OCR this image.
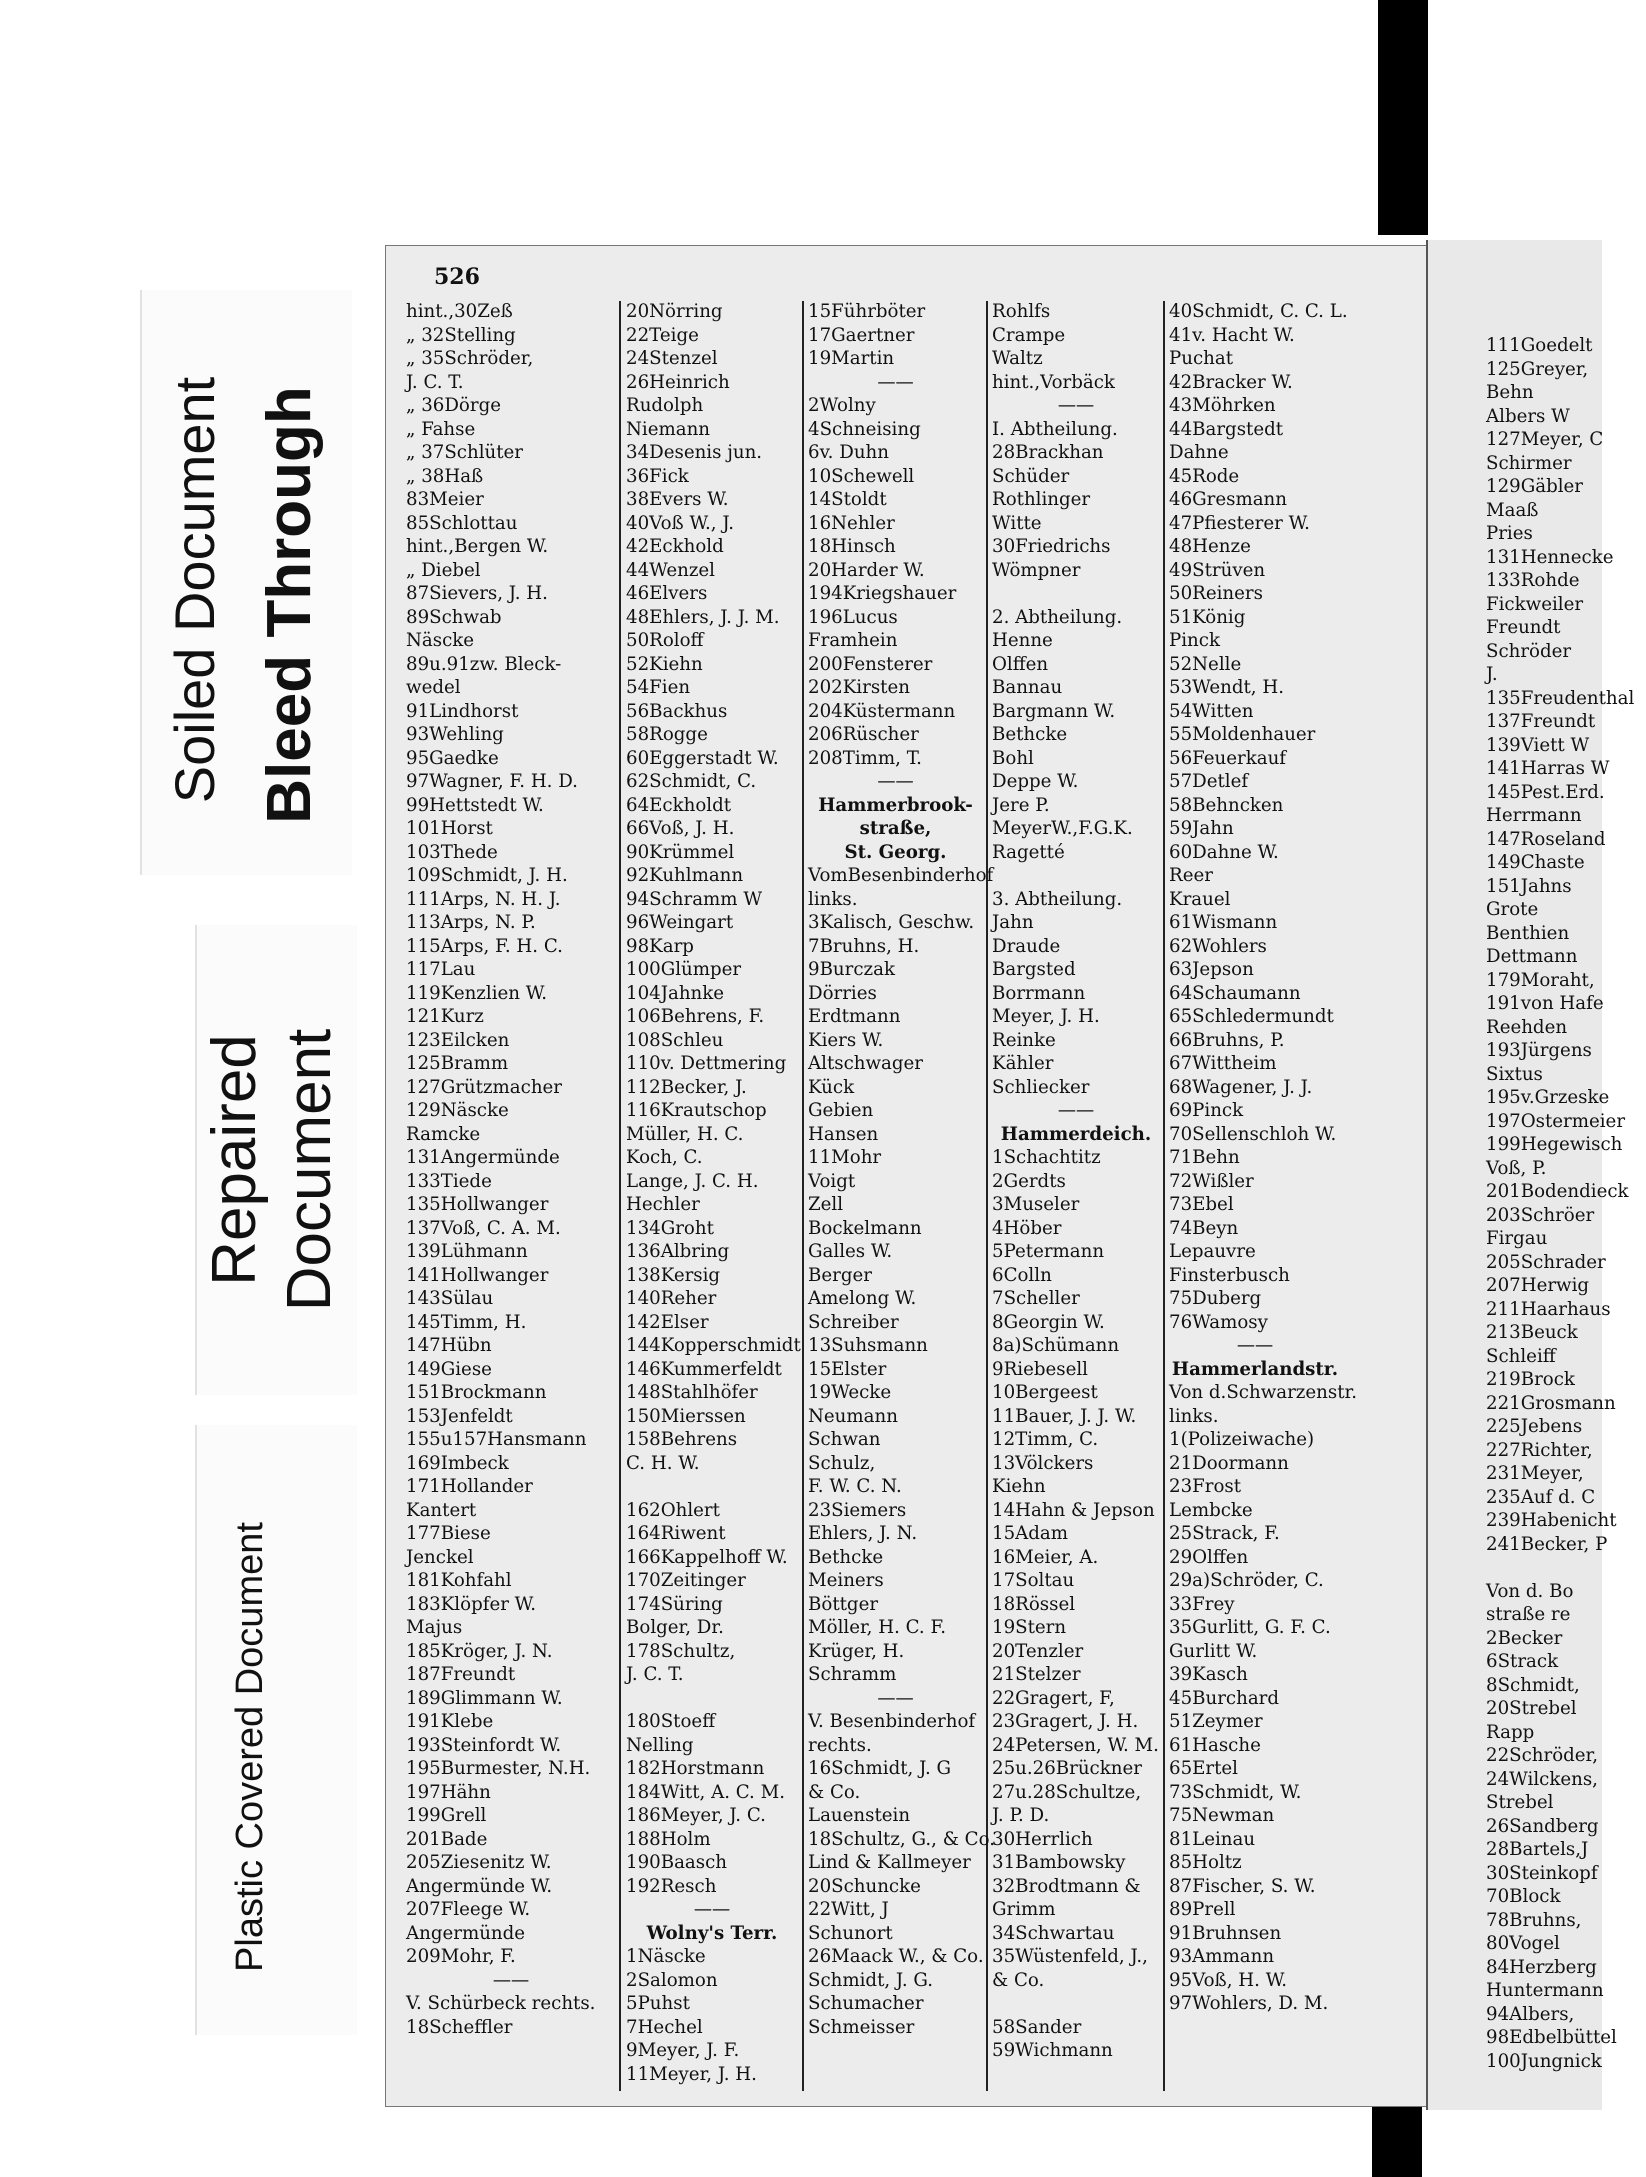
Soiled Document Bleed Through
Repaired Document
Plastic Covered Document
526
hint.,30Zeß
„ 32Stelling
„ 35Schröder,
J. C. T.
„ 36Dörge
„ Fahse
„ 37Schlüter
„ 38Haß
83Meier
85Schlottau
hint.,Bergen W.
„ Diebel
87Sievers, J. H.
89Schwab
Näscke
89u.91zw. Bleck-
wedel
91Lindhorst
93Wehling
95Gaedke
97Wagner, F. H. D.
99Hettstedt W.
101Horst
103Thede
109Schmidt, J. H.
111Arps, N. H. J.
113Arps, N. P.
115Arps, F. H. C.
117Lau
119Kenzlien W.
121Kurz
123Eilcken
125Bramm
127Grützmacher
129Näscke
Ramcke
131Angermünde
133Tiede
135Hollwanger
137Voß, C. A. M.
139Lühmann
141Hollwanger
143Sülau
145Timm, H.
147Hübn
149Giese
151Brockmann
153Jenfeldt
155u157Hansmann
169Imbeck
171Hollander
Kantert
177Biese
Jenckel
181Kohfahl
183Klöpfer W.
Majus
185Kröger, J. N.
187Freundt
189Glimmann W.
191Klebe
193Steinfordt W.
195Burmester, N.H.
197Hähn
199Grell
201Bade
205Ziesenitz W.
Angermünde W.
207Fleege W.
Angermünde
209Mohr, F.
——
V. Schürbeck rechts.
18Scheffler
20Nörring
22Teige
24Stenzel
26Heinrich
Rudolph
Niemann
34Desenis jun.
36Fick
38Evers W.
40Voß W., J.
42Eckhold
44Wenzel
46Elvers
48Ehlers, J. J. M.
50Roloff
52Kiehn
54Fien
56Backhus
58Rogge
60Eggerstadt W.
62Schmidt, C.
64Eckholdt
66Voß, J. H.
90Krümmel
92Kuhlmann
94Schramm W
96Weingart
98Karp
100Glümper
104Jahnke
106Behrens, F.
108Schleu
110v. Dettmering
112Becker, J.
116Krautschop
Müller, H. C.
Koch, C.
Lange, J. C. H.
Hechler
134Groht
136Albring
138Kersig
140Reher
142Elser
144Kopperschmidt
146Kummerfeldt
148Stahlhöfer
150Mierssen
158Behrens
C. H. W.
162Ohlert
164Riwent
166Kappelhoff W.
170Zeitinger
174Süring
Bolger, Dr.
178Schultz,
J. C. T.
180Stoeff
Nelling
182Horstmann
184Witt, A. C. M.
186Meyer, J. C.
188Holm
190Baasch
192Resch
——
Wolny's Terr.
1Näscke
2Salomon
5Puhst
7Hechel
9Meyer, J. F.
11Meyer, J. H.
15Führböter
17Gaertner
19Martin
——
2Wolny
4Schneising
6v. Duhn
10Schewell
14Stoldt
16Nehler
18Hinsch
20Harder W.
194Kriegshauer
196Lucus
Framhein
200Fensterer
202Kirsten
204Küstermann
206Rüscher
208Timm, T.
——
Hammerbrook-
straße,
St. Georg.
VomBesenbinderhof
links.
3Kalisch, Geschw.
7Bruhns, H.
9Burczak
Dörries
Erdtmann
Kiers W.
Altschwager
Kück
Gebien
Hansen
11Mohr
Voigt
Zell
Bockelmann
Galles W.
Berger
Amelong W.
Schreiber
13Suhsmann
15Elster
19Wecke
Neumann
Schwan
Schulz,
F. W. C. N.
23Siemers
Ehlers, J. N.
Bethcke
Meiners
Böttger
Möller, H. C. F.
Krüger, H.
Schramm
——
V. Besenbinderhof
rechts.
16Schmidt, J. G
& Co.
Lauenstein
18Schultz, G., & Co.
Lind & Kallmeyer
20Schuncke
22Witt, J
Schunort
26Maack W., & Co.
Schmidt, J. G.
Schumacher
Schmeisser
Rohlfs
Crampe
Waltz
hint.,Vorbäck
——
I. Abtheilung.
28Brackhan
Schüder
Rothlinger
Witte
30Friedrichs
Wömpner
2. Abtheilung.
Henne
Olffen
Bannau
Bargmann W.
Bethcke
Bohl
Deppe W.
Jere P.
MeyerW.,F.G.K.
Ragetté
3. Abtheilung.
Jahn
Draude
Bargsted
Borrmann
Meyer, J. H.
Reinke
Kähler
Schliecker
——
Hammerdeich.
1Schachtitz
2Gerdts
3Museler
4Höber
5Petermann
6Colln
7Scheller
8Georgin W.
8a)Schümann
9Riebesell
10Bergeest
11Bauer, J. J. W.
12Timm, C.
13Völckers
Kiehn
14Hahn & Jepson
15Adam
16Meier, A.
17Soltau
18Rössel
19Stern
20Tenzler
21Stelzer
22Gragert, F,
23Gragert, J. H.
24Petersen, W. M.
25u.26Brückner
27u.28Schultze,
J. P. D.
30Herrlich
31Bambowsky
32Brodtmann &
Grimm
34Schwartau
35Wüstenfeld, J.,
& Co.
58Sander
59Wichmann
40Schmidt, C. C. L.
41v. Hacht W.
Puchat
42Bracker W.
43Möhrken
44Bargstedt
Dahne
45Rode
46Gresmann
47Pfiesterer W.
48Henze
49Strüven
50Reiners
51König
Pinck
52Nelle
53Wendt, H.
54Witten
55Moldenhauer
56Feuerkauf
57Detlef
58Behncken
59Jahn
60Dahne W.
Reer
Krauel
61Wismann
62Wohlers
63Jepson
64Schaumann
65Schledermundt
66Bruhns, P.
67Wittheim
68Wagener, J. J.
69Pinck
70Sellenschloh W.
71Behn
72Wißler
73Ebel
74Beyn
Lepauvre
Finsterbusch
75Duberg
76Wamosy
——
Hammerlandstr.
Von d.Schwarzenstr.
links.
1(Polizeiwache)
21Doormann
23Frost
Lembcke
25Strack, F.
29Olffen
29a)Schröder, C.
33Frey
35Gurlitt, G. F. C.
Gurlitt W.
39Kasch
45Burchard
51Zeymer
61Hasche
65Ertel
73Schmidt, W.
75Newman
81Leinau
85Holtz
87Fischer, S. W.
89Prell
91Bruhnsen
93Ammann
95Voß, H. W.
97Wohlers, D. M.
111Goedelt
125Greyer,
Behn
Albers W
127Meyer, C
Schirmer
129Gäbler
Maaß
Pries
131Hennecke
133Rohde
Fickweiler
Freundt
Schröder
J.
135Freudenthal
137Freundt
139Viett W
141Harras W
145Pest.Erd.
Herrmann
147Roseland
149Chaste
151Jahns
Grote
Benthien
Dettmann
179Moraht,
191von Hafe
Reehden
193Jürgens
Sixtus
195v.Grzeske
197Ostermeier
199Hegewisch
Voß, P.
201Bodendieck
203Schröer
Firgau
205Schrader
207Herwig
211Haarhaus
213Beuck
Schleiff
219Brock
221Grosmann
225Jebens
227Richter,
231Meyer,
235Auf d. C
239Habenicht
241Becker, P
Von d. Bo
straße re
2Becker
6Strack
8Schmidt,
20Strebel
Rapp
22Schröder,
24Wilckens,
Strebel
26Sandberg
28Bartels,J
30Steinkopf
70Block
78Bruhns,
80Vogel
84Herzberg
Huntermann
94Albers,
98Edbelbüttel
100Jungnick
